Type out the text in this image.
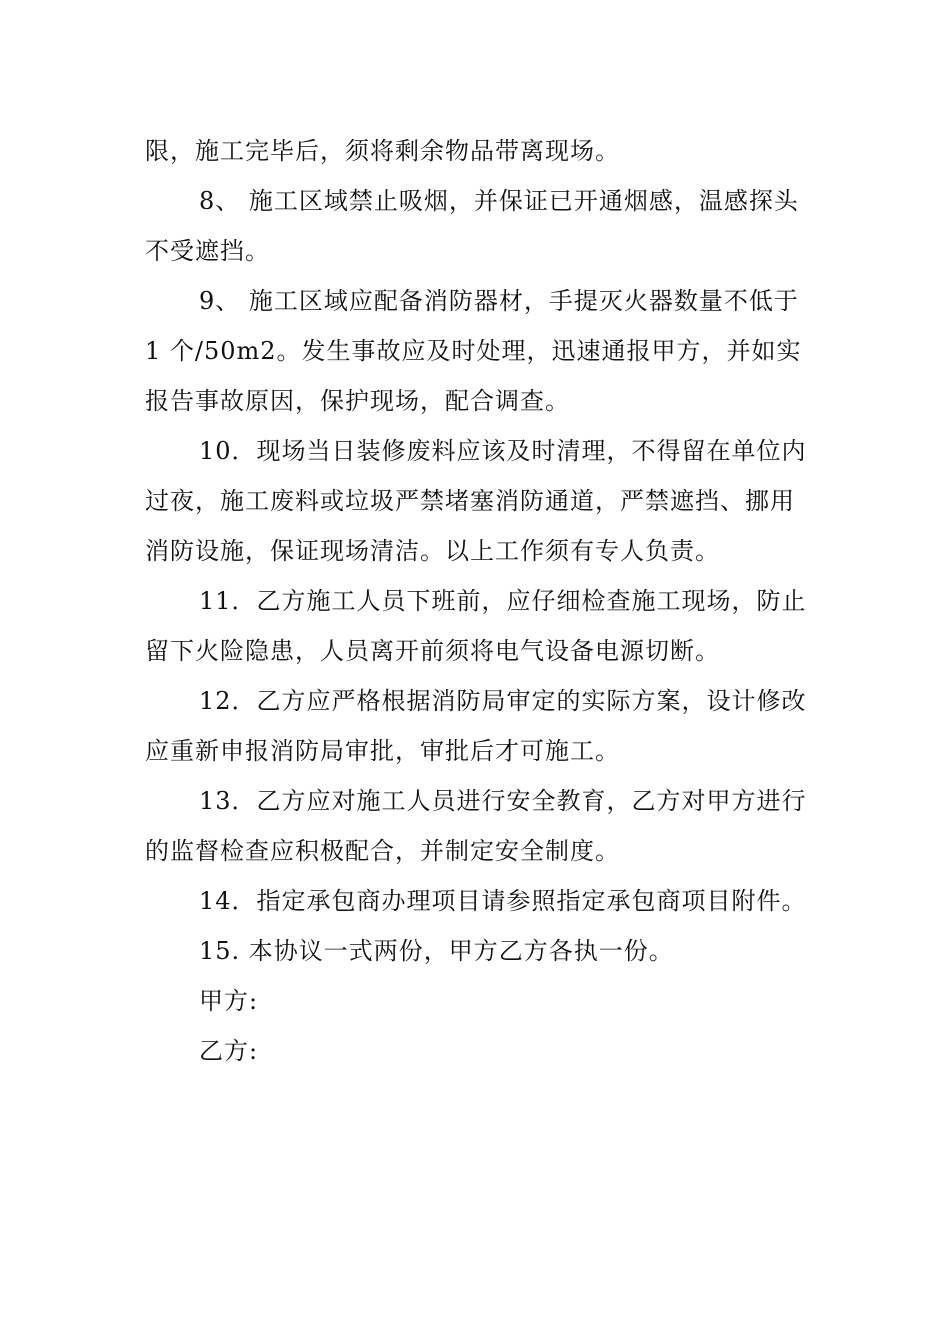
限，施工完毕后，须将剩余物品带离现场。

8、 施工区域禁止吸烟，并保证已开通烟感，温感探头不受遮挡。

9、 施工区域应配备消防器材，手提灭火器数量不低于 1 个/50m2。发生事故应及时处理，迅速通报甲方，并如实报告事故原因，保护现场，配合调查。

10．现场当日装修废料应该及时清理，不得留在单位内过夜，施工废料或垃圾严禁堵塞消防通道，严禁遮挡、挪用消防设施，保证现场清洁。以上工作须有专人负责。

11．乙方施工人员下班前，应仔细检查施工现场，防止留下火险隐患，人员离开前须将电气设备电源切断。

12．乙方应严格根据消防局审定的实际方案，设计修改应重新申报消防局审批，审批后才可施工。

13．乙方应对施工人员进行安全教育，乙方对甲方进行的监督检查应积极配合，并制定安全制度。

14．指定承包商办理项目请参照指定承包商项目附件。

15. 本协议一式两份，甲方乙方各执一份。

甲方:

乙方:
